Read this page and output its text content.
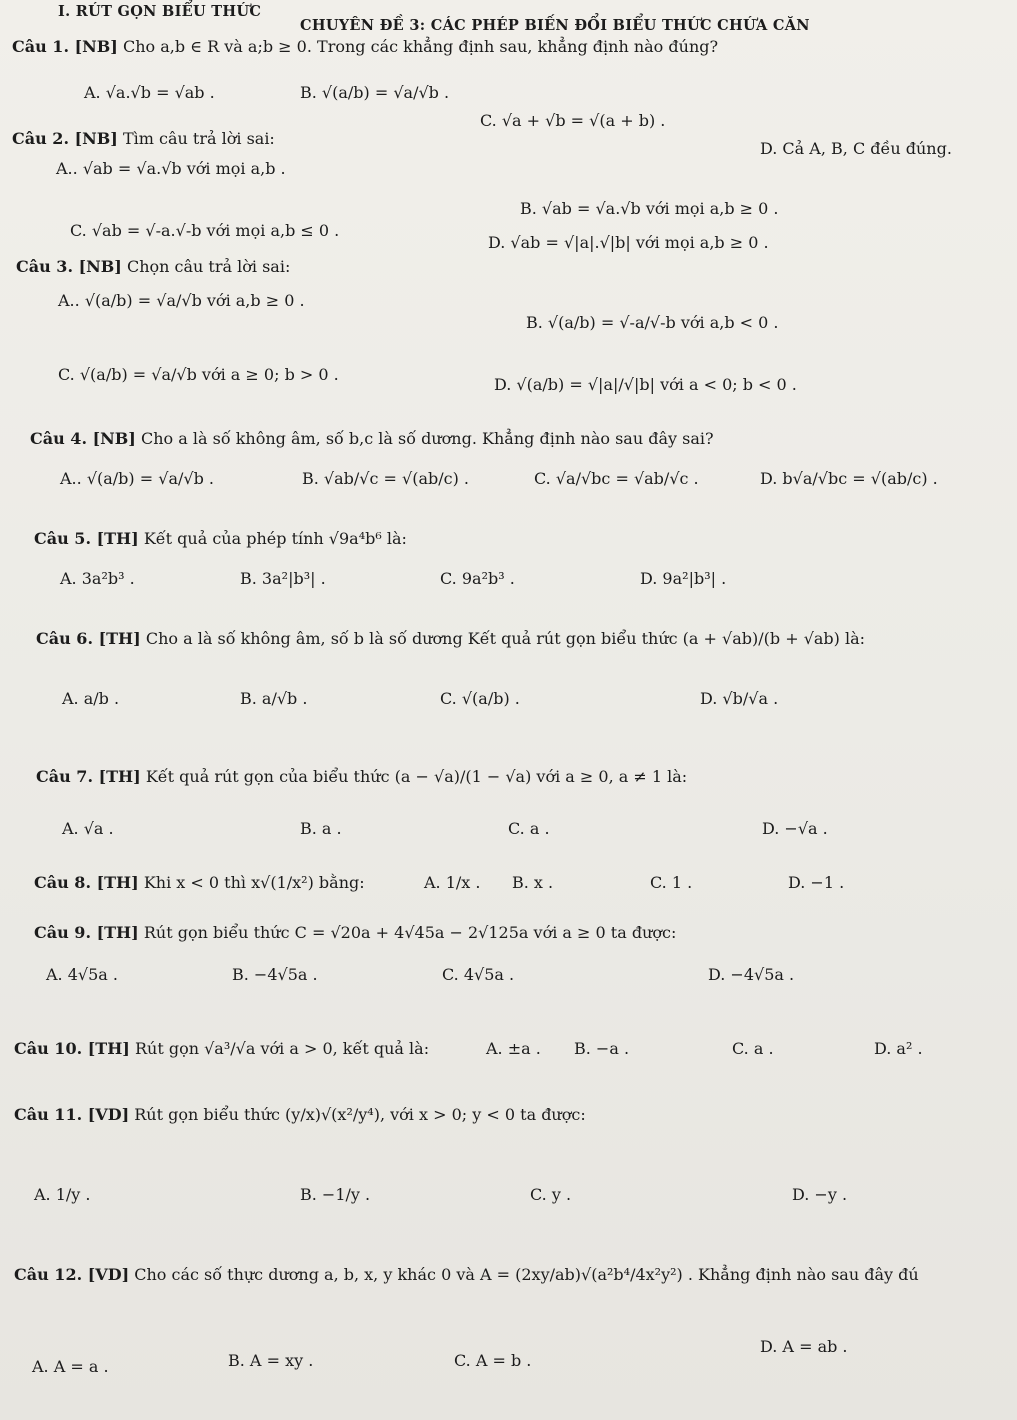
I. RÚT GỌN BIỂU THỨC
CHUYÊN ĐỀ 3: CÁC PHÉP BIẾN ĐỔI BIỂU THỨC CHỨA CĂN
Câu 1. [NB] Cho a,b ∈ R và a;b ≥ 0. Trong các khẳng định sau, khẳng định nào đúng?
A. √a.√b = √ab .	B. √(a/b) = √a/√b .
C. √a + √b = √(a + b) .
D. Cả A, B, C đều đúng.
Câu 2. [NB] Tìm câu trả lời sai:
A.. √ab = √a.√b với mọi a,b .
B. √ab = √a.√b với mọi a,b ≥ 0 .
C. √ab = √-a.√-b với mọi a,b ≤ 0 .
D. √ab = √|a|.√|b| với mọi a,b ≥ 0 .
Câu 3. [NB] Chọn câu trả lời sai:
A.. √(a/b) = √a/√b với a,b ≥ 0 .
B. √(a/b) = √-a/√-b với a,b < 0 .
C. √(a/b) = √a/√b với a ≥ 0; b > 0 .
D. √(a/b) = √|a|/√|b| với a < 0; b < 0 .
Câu 4. [NB] Cho a là số không âm, số b,c là số dương. Khẳng định nào sau đây sai?
A.. √(a/b) = √a/√b .	B. √ab/√c = √(ab/c) .	C. √a/√bc = √ab/√c .	D. b√a/√bc = √(ab/c) .
Câu 5. [TH] Kết quả của phép tính √9a⁴b⁶ là:
A. 3a²b³ .	B. 3a²|b³| .	C. 9a²b³ .	D. 9a²|b³| .
Câu 6. [TH] Cho a là số không âm, số b là số dương Kết quả rút gọn biểu thức (a + √ab)/(b + √ab) là:
A. a/b .	B. a/√b .	C. √(a/b) .	D. √b/√a .
Câu 7. [TH] Kết quả rút gọn của biểu thức (a − √a)/(1 − √a) với a ≥ 0, a ≠ 1 là:
A. √a .	B. a .	C. a .	D. −√a .
Câu 8. [TH] Khi x < 0 thì x√(1/x²) bằng:	A. 1/x . B. x .	C. 1 .	D. −1 .
Câu 9. [TH] Rút gọn biểu thức C = √20a + 4√45a − 2√125a với a ≥ 0 ta được:
A. 4√5a .	B. −4√5a .	C. 4√5a .	D. −4√5a .
Câu 10. [TH] Rút gọn √a³/√a với a > 0, kết quả là:	A. ±a . B. −a .	C. a .	D. a² .
Câu 11. [VD] Rút gọn biểu thức (y/x)√(x²/y⁴), với x > 0; y < 0 ta được:
A. 1/y .	B. −1/y .	C. y .	D. −y .
Câu 12. [VD] Cho các số thực dương a, b, x, y khác 0 và A = (2xy/ab)√(a²b⁴/4x²y²) . Khẳng định nào sau đây đú
A. A = a .	B. A = xy .	C. A = b .
D. A = ab .
